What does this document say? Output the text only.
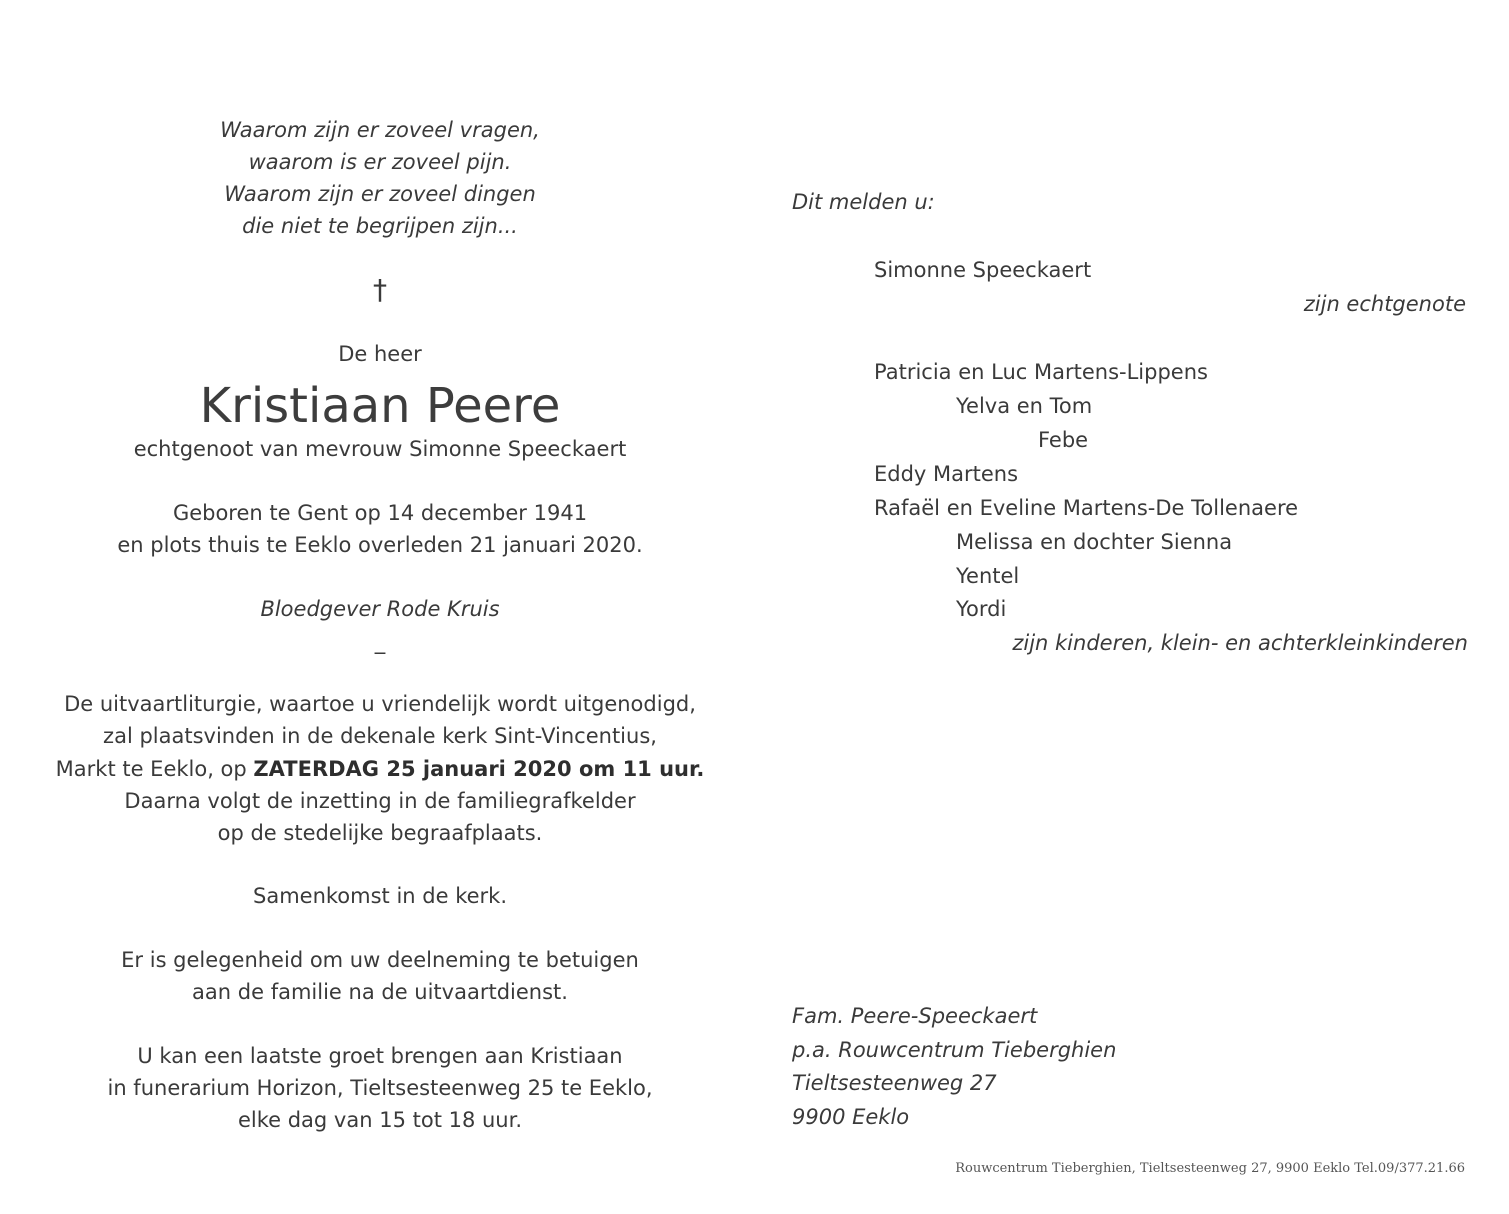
Waarom zijn er zoveel vragen,
waarom is er zoveel pijn.
Waarom zijn er zoveel dingen
die niet te begrijpen zijn...
†
De heer
Kristiaan Peere
echtgenoot van mevrouw Simonne Speeckaert
Geboren te Gent op 14 december 1941
en plots thuis te Eeklo overleden 21 januari 2020.
Bloedgever Rode Kruis
_
De uitvaartliturgie, waartoe u vriendelijk wordt uitgenodigd,
zal plaatsvinden in de dekenale kerk Sint-Vincentius,
Markt te Eeklo, op ZATERDAG 25 januari 2020 om 11 uur.
Daarna volgt de inzetting in de familiegrafkelder
op de stedelijke begraafplaats.
Samenkomst in de kerk.
Er is gelegenheid om uw deelneming te betuigen
aan de familie na de uitvaartdienst.
U kan een laatste groet brengen aan Kristiaan
in funerarium Horizon, Tieltsesteenweg 25 te Eeklo,
elke dag van 15 tot 18 uur.
Dit melden u:
Simonne Speeckaert
zijn echtgenote
Patricia en Luc Martens-Lippens
Yelva en Tom
Febe
Eddy Martens
Rafaël en Eveline Martens-De Tollenaere
Melissa en dochter Sienna
Yentel
Yordi
zijn kinderen, klein- en achterkleinkinderen
Fam. Peere-Speeckaert
p.a. Rouwcentrum Tieberghien
Tieltsesteenweg 27
9900 Eeklo
Rouwcentrum Tieberghien, Tieltsesteenweg 27, 9900 Eeklo Tel.09/377.21.66
